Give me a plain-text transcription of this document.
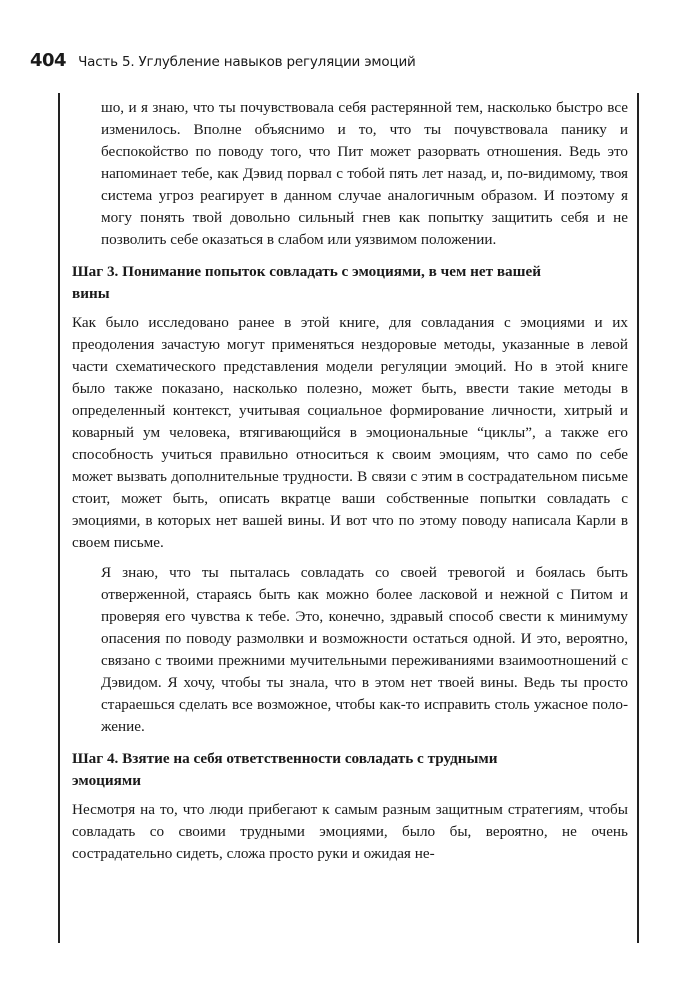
404 Часть 5. Углубление навыков регуляции эмоций

шо, и я знаю, что ты почувствовала себя растерянной тем, насколько быстро все изменилось. Вполне объяснимо и то, что ты почувствовала панику и беспокойство по поводу того, что Пит может разорвать отношения. Ведь это напоминает тебе, как Дэвид порвал с тобой пять лет назад, и, по-видимому, твоя система угроз реагирует в данном случае аналогичным образом. И поэтому я могу понять твой довольно сильный гнев как попытку защитить себя и не позволить себе оказаться в слабом или уязвимом положении.

Шаг 3. Понимание попыток совладать с эмоциями, в чем нет вашей вины

Как было исследовано ранее в этой книге, для совладания с эмоциями и их преодоления зачастую могут применяться нездоровые методы, указанные в левой части схематического представления модели регуляции эмоций. Но в этой книге было также показано, насколько полезно, может быть, ввести такие методы в определенный контекст, учитывая социальное формирование личности, хитрый и коварный ум человека, втягивающийся в эмоциональные “циклы”, а также его способность учиться правильно относиться к своим эмоциям, что само по себе может вызвать дополнительные трудности. В связи с этим в сострадательном письме стоит, может быть, описать вкратце ваши собственные попытки совладать с эмоциями, в которых нет вашей вины. И вот что по этому поводу написала Карли в своем письме.

Я знаю, что ты пыталась совладать со своей тревогой и боялась быть отверженной, стараясь быть как можно более ласковой и нежной с Питом и проверяя его чувства к тебе. Это, конечно, здравый способ свести к минимуму опасения по поводу размолвки и возможности остаться одной. И это, вероятно, связано с твоими прежними мучительными переживаниями взаимоотношений с Дэвидом. Я хочу, чтобы ты знала, что в этом нет твоей вины. Ведь ты просто стараешься сделать все возможное, чтобы как-то исправить столь ужасное положение.

Шаг 4. Взятие на себя ответственности совладать с трудными эмоциями

Несмотря на то, что люди прибегают к самым разным защитным стратегиям, чтобы совладать со своими трудными эмоциями, было бы, вероятно, не очень сострадательно сидеть, сложа просто руки и ожидая не-
